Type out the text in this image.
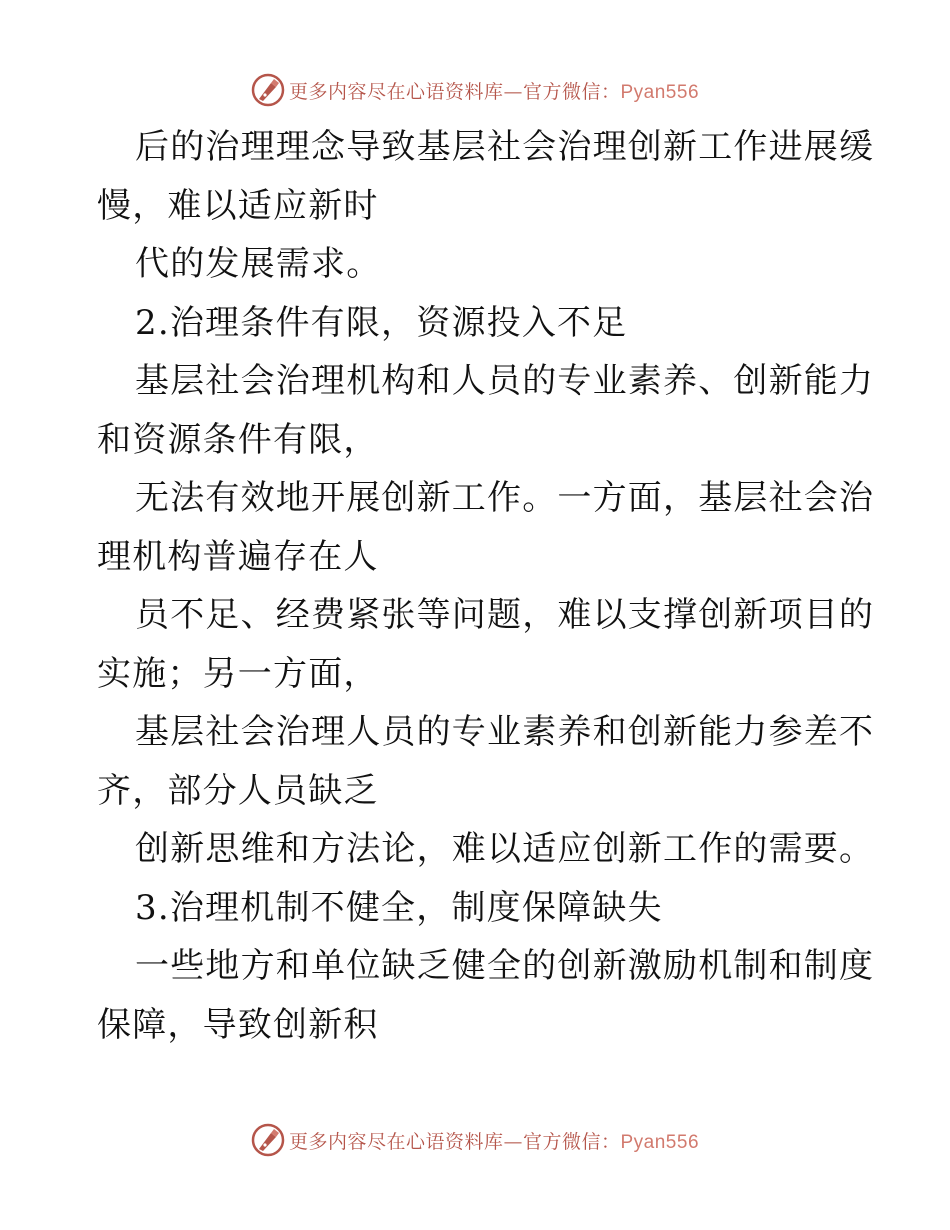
更多内容尽在心语资料库—官方微信：Pyan556
后的治理理念导致基层社会治理创新工作进展缓
慢，难以适应新时
代的发展需求。
2.治理条件有限，资源投入不足
基层社会治理机构和人员的专业素养、创新能力
和资源条件有限，
无法有效地开展创新工作。一方面，基层社会治
理机构普遍存在人
员不足、经费紧张等问题，难以支撑创新项目的
实施；另一方面，
基层社会治理人员的专业素养和创新能力参差不
齐，部分人员缺乏
创新思维和方法论，难以适应创新工作的需要。
3.治理机制不健全，制度保障缺失
一些地方和单位缺乏健全的创新激励机制和制度
保障，导致创新积
更多内容尽在心语资料库—官方微信：Pyan556
